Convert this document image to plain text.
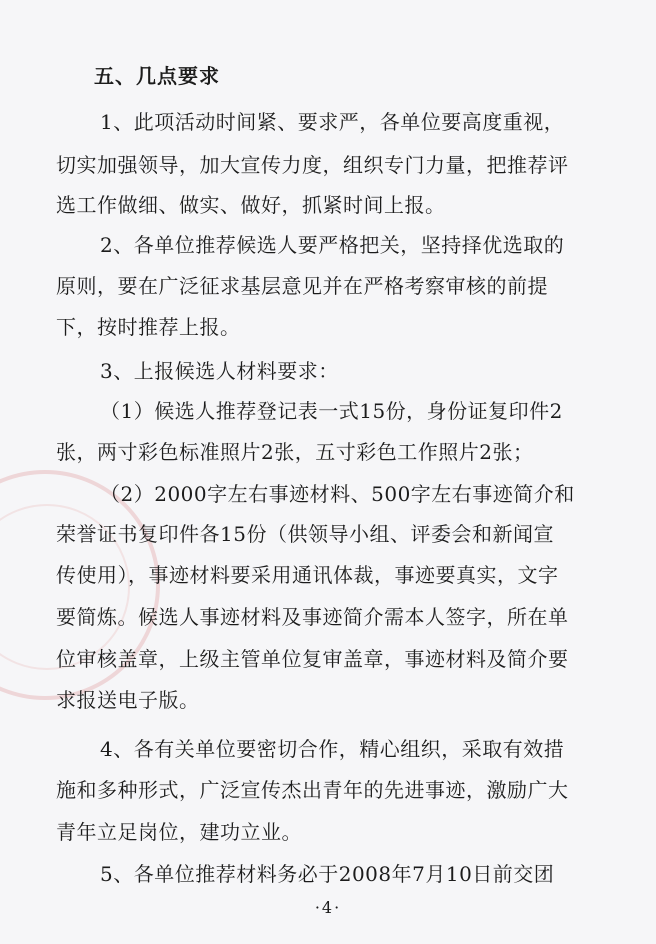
五、几点要求
1、此项活动时间紧、要求严，各单位要高度重视，
切实加强领导，加大宣传力度，组织专门力量，把推荐评
选工作做细、做实、做好，抓紧时间上报。
2、各单位推荐候选人要严格把关，坚持择优选取的
原则，要在广泛征求基层意见并在严格考察审核的前提
下，按时推荐上报。
3、上报候选人材料要求：
（1）候选人推荐登记表一式15份，身份证复印件2
张，两寸彩色标准照片2张，五寸彩色工作照片2张；
（2）2000字左右事迹材料、500字左右事迹简介和
荣誉证书复印件各15份（供领导小组、评委会和新闻宣
传使用），事迹材料要采用通讯体裁，事迹要真实，文字
要简炼。候选人事迹材料及事迹简介需本人签字，所在单
位审核盖章，上级主管单位复审盖章，事迹材料及简介要
求报送电子版。
4、各有关单位要密切合作，精心组织，采取有效措
施和多种形式，广泛宣传杰出青年的先进事迹，激励广大
青年立足岗位，建功立业。
5、各单位推荐材料务必于2008年7月10日前交团
·4·
